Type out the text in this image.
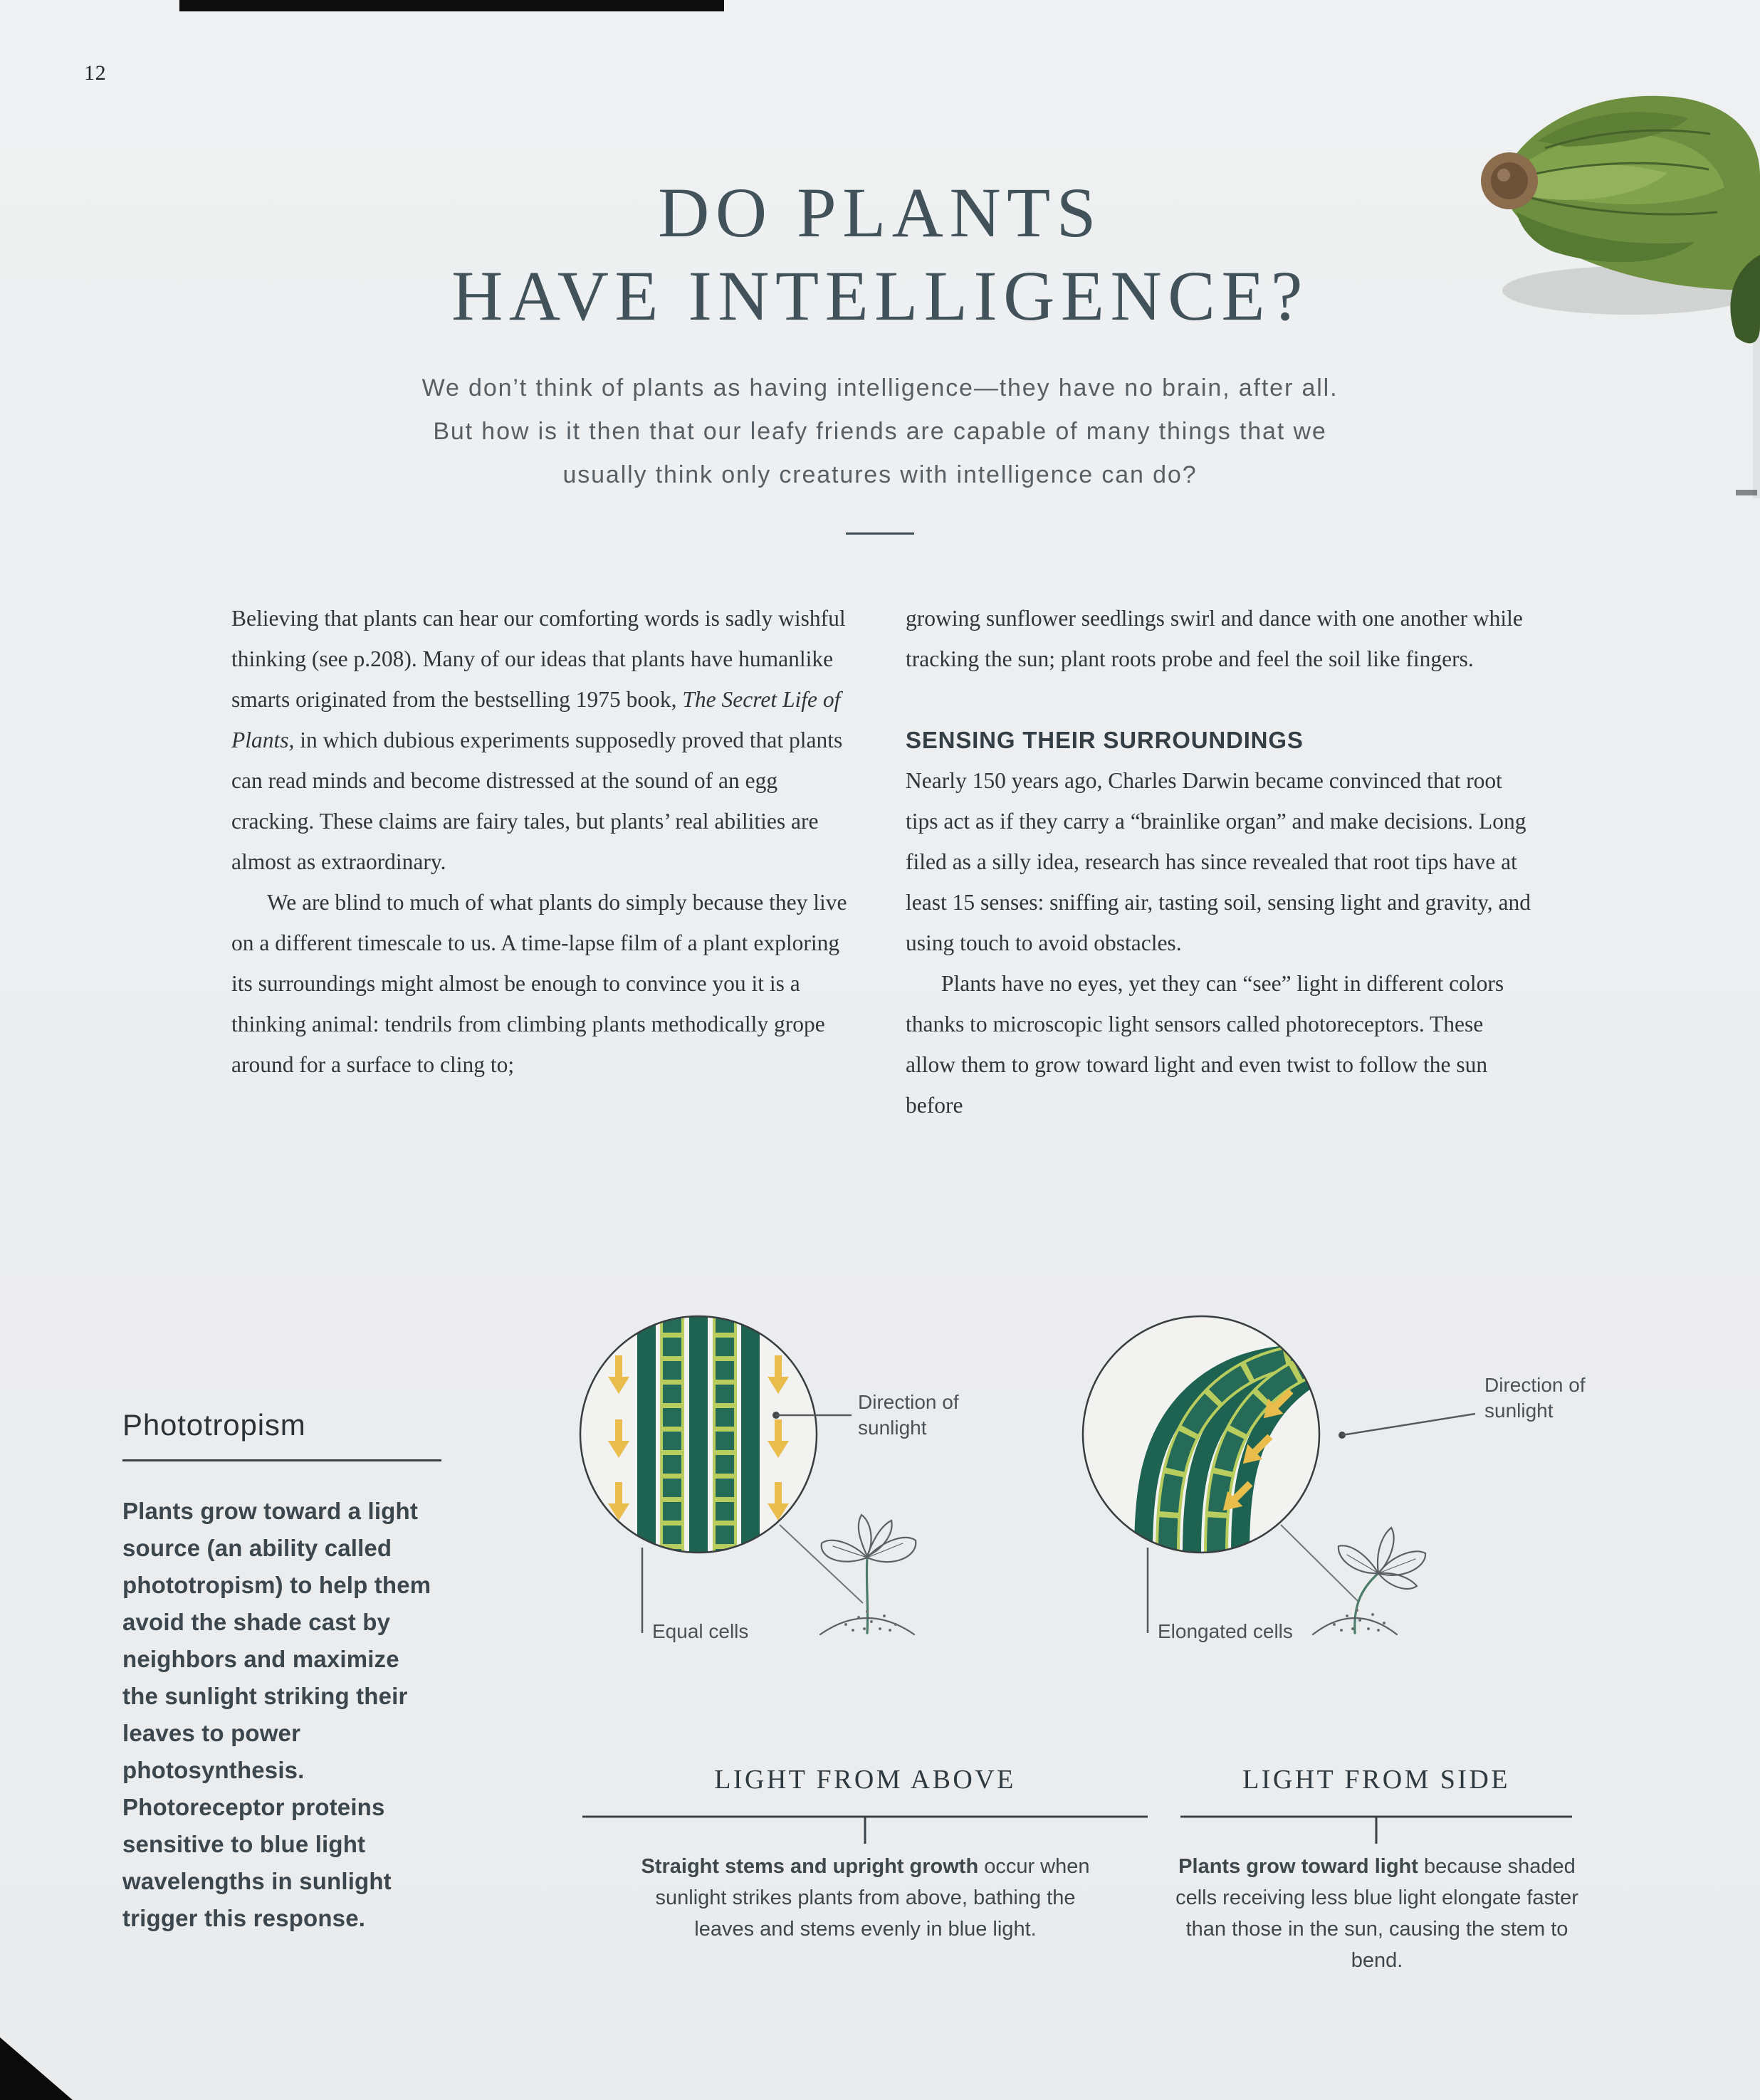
12
DO PLANTS
HAVE INTELLIGENCE?
We don’t think of plants as having intelligence—they have no brain, after all.
But how is it then that our leafy friends are capable of many things that we
usually think only creatures with intelligence can do?

Believing that plants can hear our comforting words is sadly wishful thinking (see p.208). Many of our ideas that plants have humanlike smarts originated from the bestselling 1975 book, The Secret Life of Plants, in which dubious experiments supposedly proved that plants can read minds and become distressed at the sound of an egg cracking. These claims are fairy tales, but plants’ real abilities are almost as extraordinary.

We are blind to much of what plants do simply because they live on a different timescale to us. A time-lapse film of a plant exploring its surroundings might almost be enough to convince you it is a thinking animal: tendrils from climbing plants methodically grope around for a surface to cling to;

growing sunflower seedlings swirl and dance with one another while tracking the sun; plant roots probe and feel the soil like fingers.

SENSING THEIR SURROUNDINGS

Nearly 150 years ago, Charles Darwin became convinced that root tips act as if they carry a “brainlike organ” and make decisions. Long filed as a silly idea, research has since revealed that root tips have at least 15 senses: sniffing air, tasting soil, sensing light and gravity, and using touch to avoid obstacles.

Plants have no eyes, yet they can “see” light in different colors thanks to microscopic light sensors called photoreceptors. These allow them to grow toward light and even twist to follow the sun before

Phototropism
Plants grow toward a light source (an ability called phototropism) to help them avoid the shade cast by neighbors and maximize the sunlight striking their leaves to power photosynthesis. Photoreceptor proteins sensitive to blue light wavelengths in sunlight trigger this response.
Direction of sunlight
Direction of sunlight
Equal cells	Elongated cells
LIGHT FROM ABOVE	LIGHT FROM SIDE
Straight stems and upright growth occur when sunlight strikes plants from above, bathing the leaves and stems evenly in blue light.
Plants grow toward light because shaded cells receiving less blue light elongate faster than those in the sun, causing the stem to bend.
